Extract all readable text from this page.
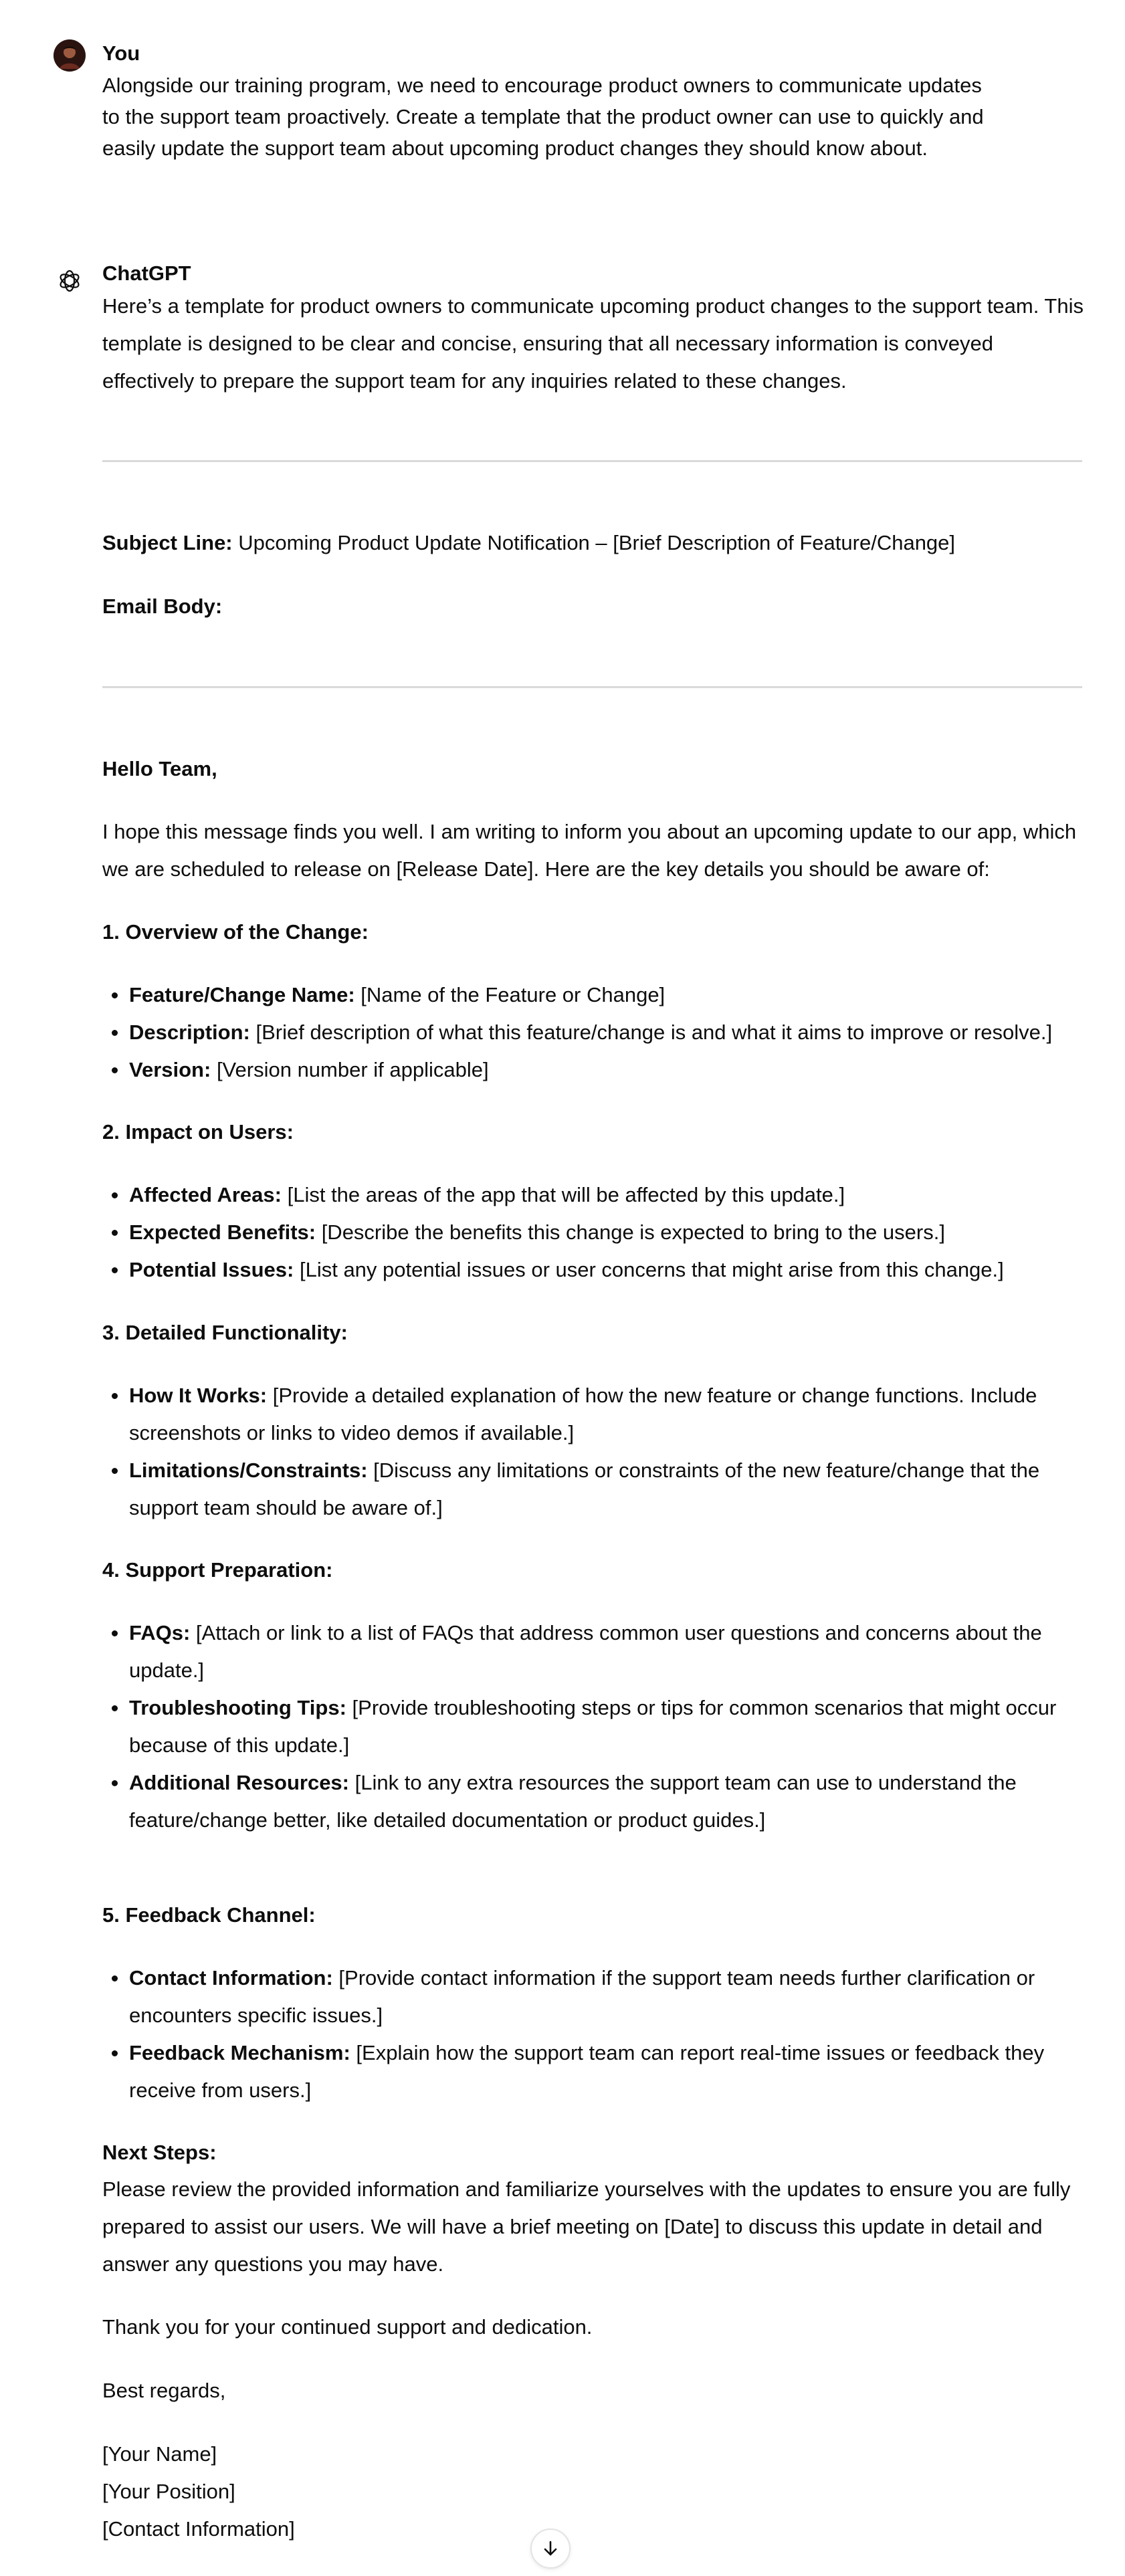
You
Alongside our training program, we need to encourage product owners to communicate updates to the support team proactively. Create a template that the product owner can use to quickly and easily update the support team about upcoming product changes they should know about.
ChatGPT
Here’s a template for product owners to communicate upcoming product changes to the support team. This template is designed to be clear and concise, ensuring that all necessary information is conveyed effectively to prepare the support team for any inquiries related to these changes.
Subject Line: Upcoming Product Update Notification – [Brief Description of Feature/Change]
Email Body:
Hello Team,
I hope this message finds you well. I am writing to inform you about an upcoming update to our app, which we are scheduled to release on [Release Date]. Here are the key details you should be aware of:
1. Overview of the Change:
Feature/Change Name: [Name of the Feature or Change]
Description: [Brief description of what this feature/change is and what it aims to improve or resolve.]
Version: [Version number if applicable]
2. Impact on Users:
Affected Areas: [List the areas of the app that will be affected by this update.]
Expected Benefits: [Describe the benefits this change is expected to bring to the users.]
Potential Issues: [List any potential issues or user concerns that might arise from this change.]
3. Detailed Functionality:
How It Works: [Provide a detailed explanation of how the new feature or change functions. Include screenshots or links to video demos if available.]
Limitations/Constraints: [Discuss any limitations or constraints of the new feature/change that the support team should be aware of.]
4. Support Preparation:
FAQs: [Attach or link to a list of FAQs that address common user questions and concerns about the update.]
Troubleshooting Tips: [Provide troubleshooting steps or tips for common scenarios that might occur because of this update.]
Additional Resources: [Link to any extra resources the support team can use to understand the feature/change better, like detailed documentation or product guides.]
5. Feedback Channel:
Contact Information: [Provide contact information if the support team needs further clarification or encounters specific issues.]
Feedback Mechanism: [Explain how the support team can report real-time issues or feedback they receive from users.]
Next Steps:
Please review the provided information and familiarize yourselves with the updates to ensure you are fully prepared to assist our users. We will have a brief meeting on [Date] to discuss this update in detail and answer any questions you may have.
Thank you for your continued support and dedication.
Best regards,
[Your Name]
[Your Position]
[Contact Information]
